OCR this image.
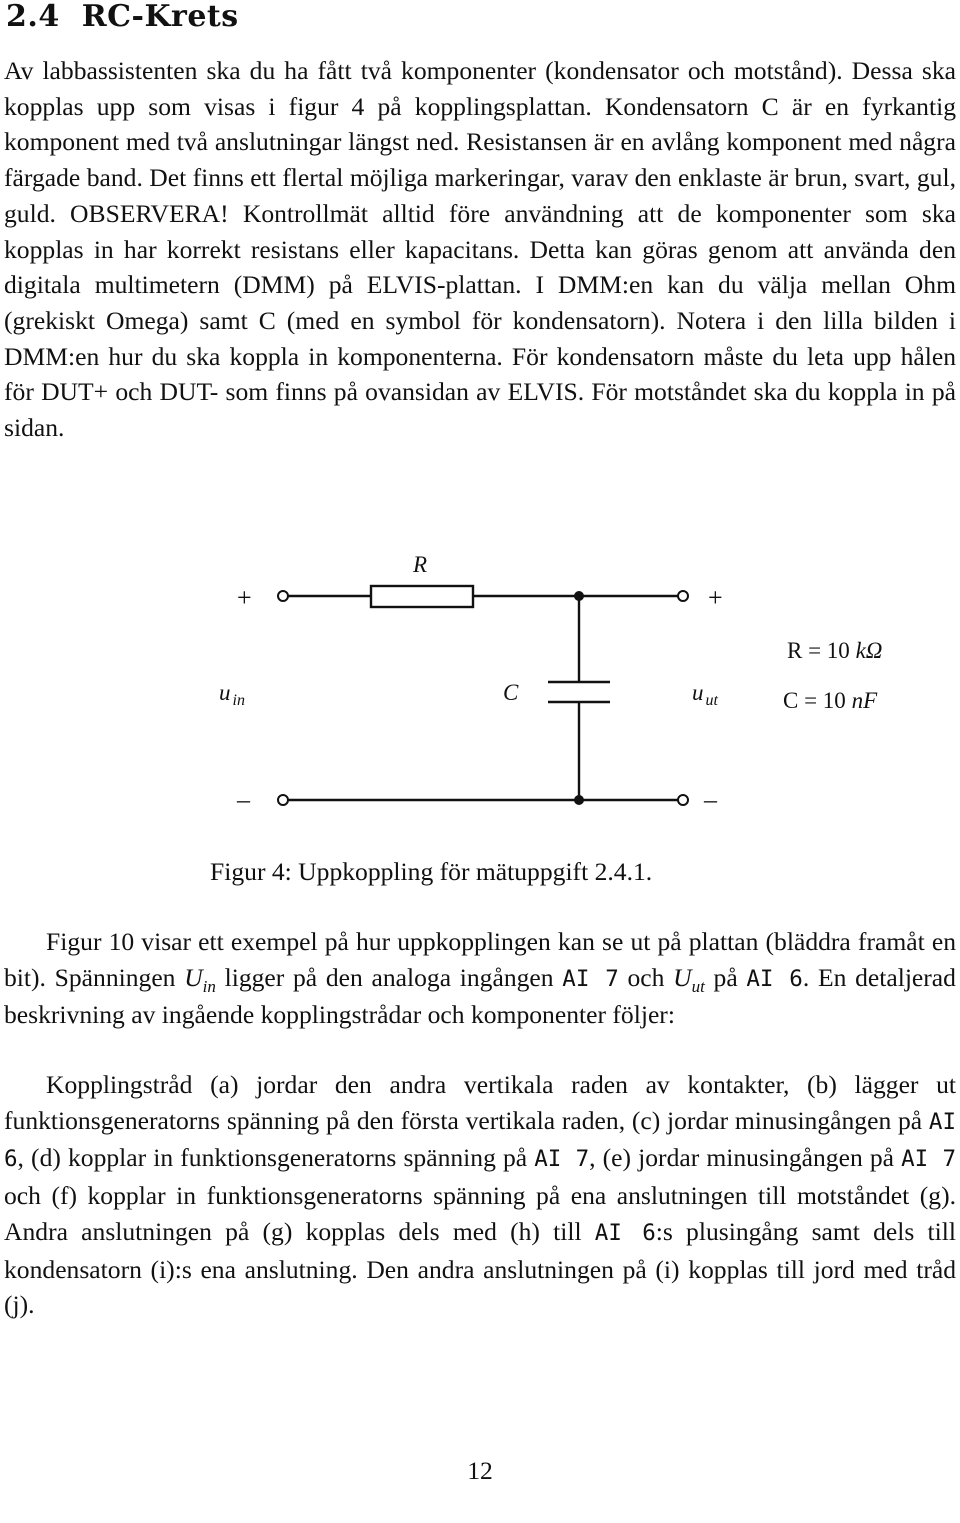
2.4 RC-Krets

Av labbassistenten ska du ha fått två komponenter (kondensator och motstånd). Dessa ska kopplas upp som visas i figur 4 på kopplingsplattan. Kondensatorn C är en fyrkantig komponent med två anslutningar längst ned. Resistansen är en avlång komponent med några färgade band. Det finns ett flertal möjliga markeringar, varav den enklaste är brun, svart, gul, guld. OBSERVERA! Kontrollmät alltid före användning att de komponenter som ska kopplas in har korrekt resistans eller kapacitans. Detta kan göras genom att använda den digitala multimetern (DMM) på ELVIS-plattan. I DMM:en kan du välja mellan Ohm (grekiskt Omega) samt C (med en symbol för kondensatorn). Notera i den lilla bilden i DMM:en hur du ska koppla in komponenterna. För kondensatorn måste du leta upp hålen för DUT+ och DUT- som finns på ovansidan av ELVIS. För motståndet ska du koppla in på sidan.

R
+	+
–	–
u $_{in}$	C	u $_{ut}$
R = 10 kΩ
C = 10 nF

Figur 4: Uppkoppling för mätuppgift 2.4.1.

Figur 10 visar ett exempel på hur uppkopplingen kan se ut på plattan (bläddra framåt en bit). Spänningen $U_{in}$ ligger på den analoga ingången AI 7 och $U_{ut}$ på AI 6. En detaljerad beskrivning av ingående kopplingstrådar och komponenter följer:

Kopplingstråd (a) jordar den andra vertikala raden av kontakter, (b) lägger ut funktionsgeneratorns spänning på den första vertikala raden, (c) jordar minusingången på AI 6, (d) kopplar in funktionsgeneratorns spänning på AI 7, (e) jordar minusingången på AI 7 och (f) kopplar in funktionsgeneratorns spänning på ena anslutningen till motståndet (g). Andra anslutningen på (g) kopplas dels med (h) till AI 6:s plusingång samt dels till kondensatorn (i):s ena anslutning. Den andra anslutningen på (i) kopplas till jord med tråd (j).

12
